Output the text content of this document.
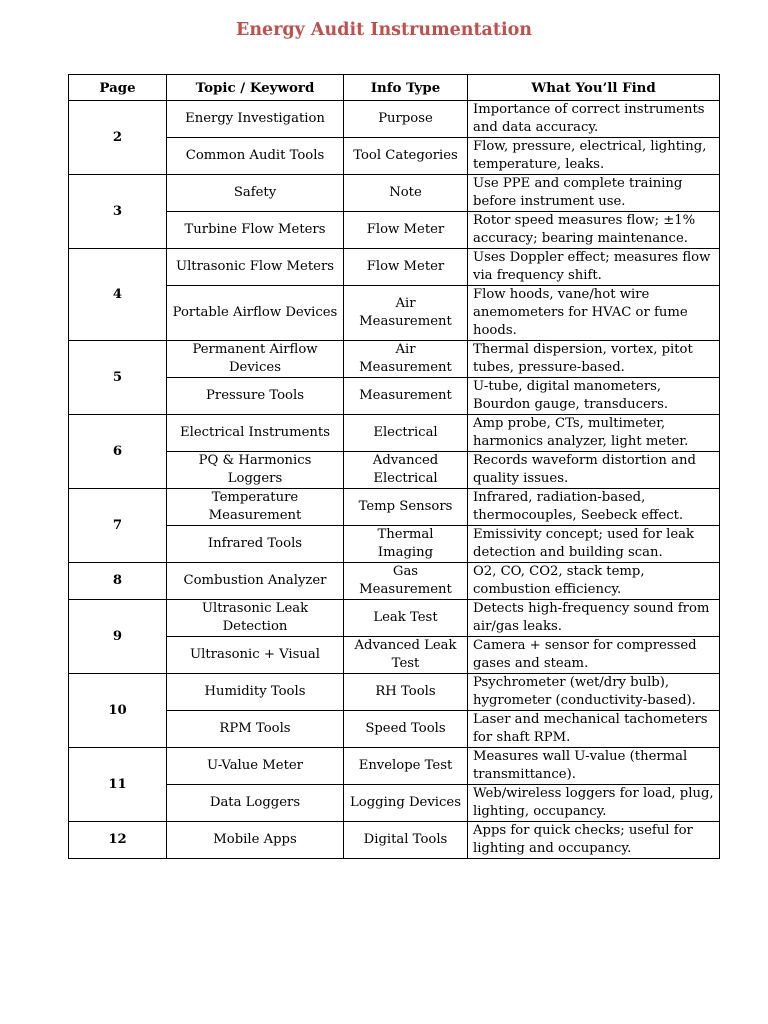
Energy Audit Instrumentation
Page	Topic / Keyword	Info Type	What You’ll Find
2	Energy Investigation	Purpose	Importance of correct instruments and data accuracy.
	Common Audit Tools	Tool Categories	Flow, pressure, electrical, lighting, temperature, leaks.
3	Safety	Note	Use PPE and complete training before instrument use.
	Turbine Flow Meters	Flow Meter	Rotor speed measures flow; ±1% accuracy; bearing maintenance.
4	Ultrasonic Flow Meters	Flow Meter	Uses Doppler effect; measures flow via frequency shift.
	Portable Airflow Devices	Air Measurement	Flow hoods, vane/hot wire anemometers for HVAC or fume hoods.
5	Permanent Airflow Devices	Air Measurement	Thermal dispersion, vortex, pitot tubes, pressure-based.
	Pressure Tools	Measurement	U-tube, digital manometers, Bourdon gauge, transducers.
6	Electrical Instruments	Electrical	Amp probe, CTs, multimeter, harmonics analyzer, light meter.
	PQ & Harmonics Loggers	Advanced Electrical	Records waveform distortion and quality issues.
7	Temperature Measurement	Temp Sensors	Infrared, radiation-based, thermocouples, Seebeck effect.
	Infrared Tools	Thermal Imaging	Emissivity concept; used for leak detection and building scan.
8	Combustion Analyzer	Gas Measurement	O2, CO, CO2, stack temp, combustion efficiency.
9	Ultrasonic Leak Detection	Leak Test	Detects high-frequency sound from air/gas leaks.
	Ultrasonic + Visual	Advanced Leak Test	Camera + sensor for compressed gases and steam.
10	Humidity Tools	RH Tools	Psychrometer (wet/dry bulb), hygrometer (conductivity-based).
	RPM Tools	Speed Tools	Laser and mechanical tachometers for shaft RPM.
11	U-Value Meter	Envelope Test	Measures wall U-value (thermal transmittance).
	Data Loggers	Logging Devices	Web/wireless loggers for load, plug, lighting, occupancy.
12	Mobile Apps	Digital Tools	Apps for quick checks; useful for lighting and occupancy.
